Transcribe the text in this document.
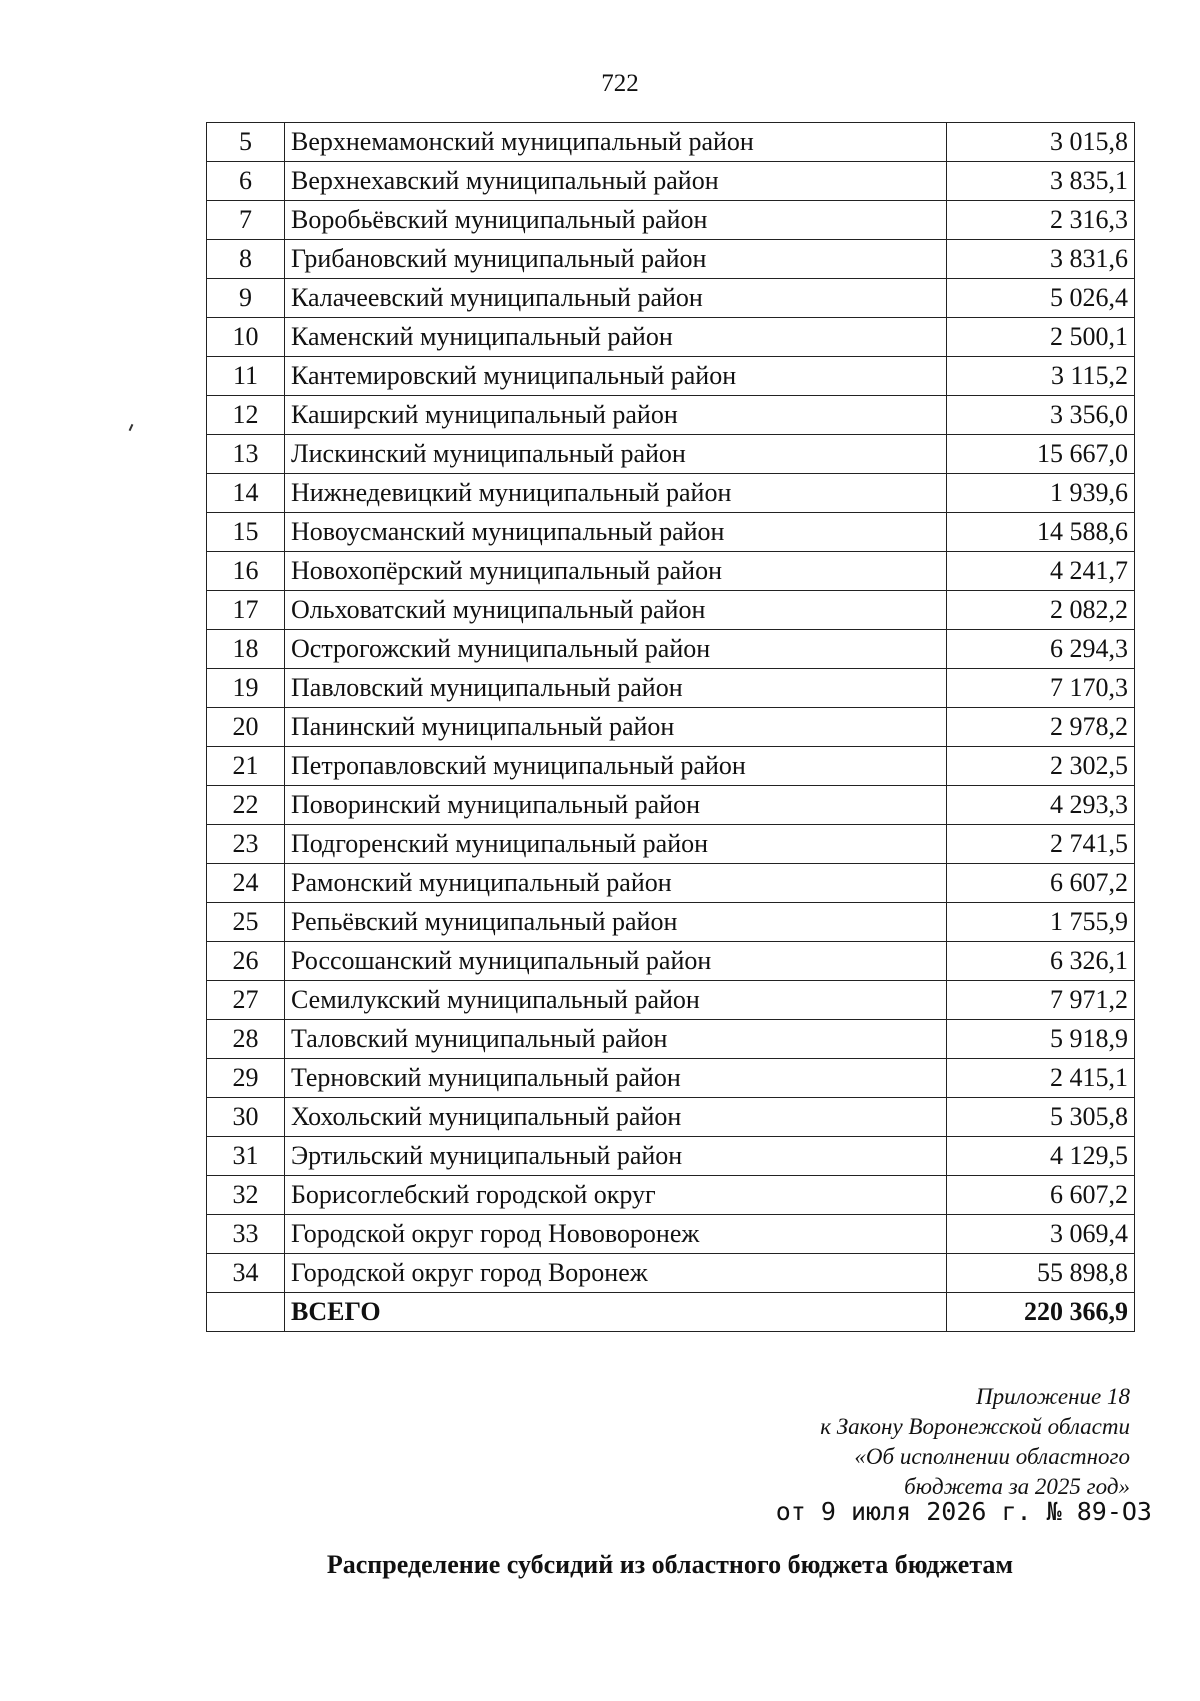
722
5	Верхнемамонский муниципальный район	3 015,8
6	Верхнехавский муниципальный район	3 835,1
7	Воробьёвский муниципальный район	2 316,3
8	Грибановский муниципальный район	3 831,6
9	Калачеевский муниципальный район	5 026,4
10	Каменский муниципальный район	2 500,1
11	Кантемировский муниципальный район	3 115,2
12	Каширский муниципальный район	3 356,0
13	Лискинский муниципальный район	15 667,0
14	Нижнедевицкий муниципальный район	1 939,6
15	Новоусманский муниципальный район	14 588,6
16	Новохопёрский муниципальный район	4 241,7
17	Ольховатский муниципальный район	2 082,2
18	Острогожский муниципальный район	6 294,3
19	Павловский муниципальный район	7 170,3
20	Панинский муниципальный район	2 978,2
21	Петропавловский муниципальный район	2 302,5
22	Поворинский муниципальный район	4 293,3
23	Подгоренский муниципальный район	2 741,5
24	Рамонский муниципальный район	6 607,2
25	Репьёвский муниципальный район	1 755,9
26	Россошанский муниципальный район	6 326,1
27	Семилукский муниципальный район	7 971,2
28	Таловский муниципальный район	5 918,9
29	Терновский муниципальный район	2 415,1
30	Хохольский муниципальный район	5 305,8
31	Эртильский муниципальный район	4 129,5
32	Борисоглебский городской округ	6 607,2
33	Городской округ город Нововоронеж	3 069,4
34	Городской округ город Воронеж	55 898,8
	ВСЕГО	220 366,9
Приложение 18
к Закону Воронежской области
«Об исполнении областного
бюджета за 2025 год»
от 9 июля 2026 г. № 89-ОЗ
Распределение субсидий из областного бюджета бюджетам
